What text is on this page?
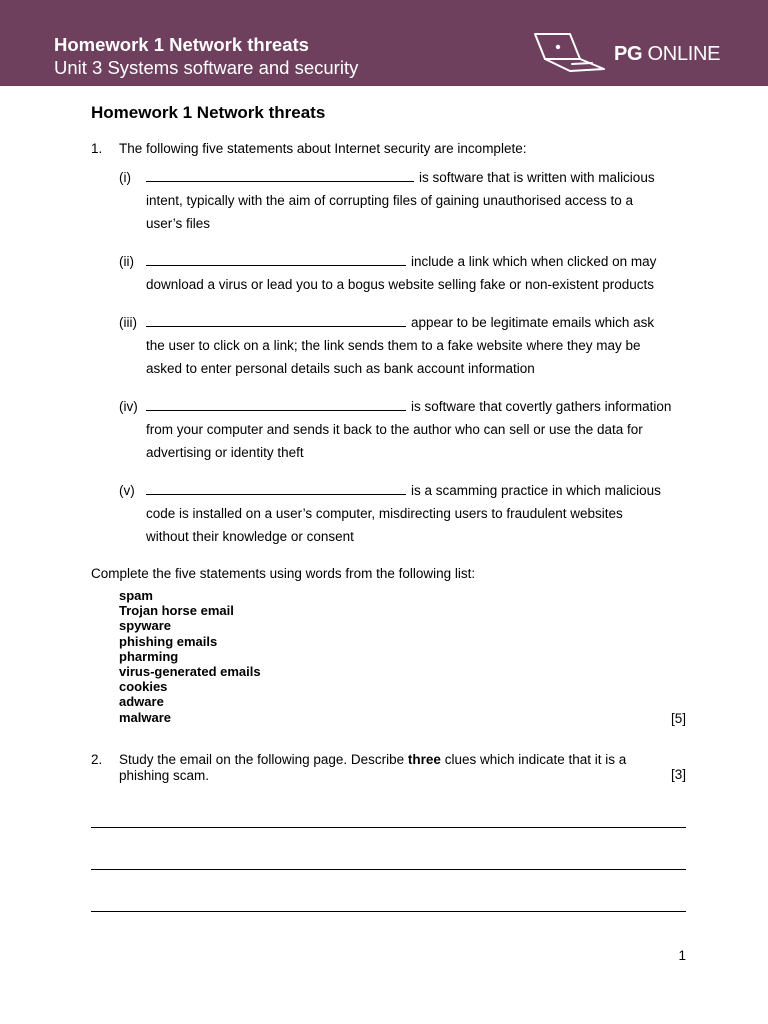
Homework 1 Network threats
Unit 3 Systems software and security
PG ONLINE
Homework 1 Network threats
1. The following five statements about Internet security are incomplete:
(i)	is software that is written with malicious
intent, typically with the aim of corrupting files of gaining unauthorised access to a
user’s files
(ii)	include a link which when clicked on may
download a virus or lead you to a bogus website selling fake or non-existent products
(iii)	appear to be legitimate emails which ask
the user to click on a link; the link sends them to a fake website where they may be
asked to enter personal details such as bank account information
(iv)	is software that covertly gathers information
from your computer and sends it back to the author who can sell or use the data for
advertising or identity theft
(v)	is a scamming practice in which malicious
code is installed on a user’s computer, misdirecting users to fraudulent websites
without their knowledge or consent
Complete the five statements using words from the following list:
spam
Trojan horse email
spyware
phishing emails
pharming
virus-generated emails
cookies
adware
malware	[5]
2. Study the email on the following page. Describe three clues which indicate that it is a
phishing scam.	[3]
1
